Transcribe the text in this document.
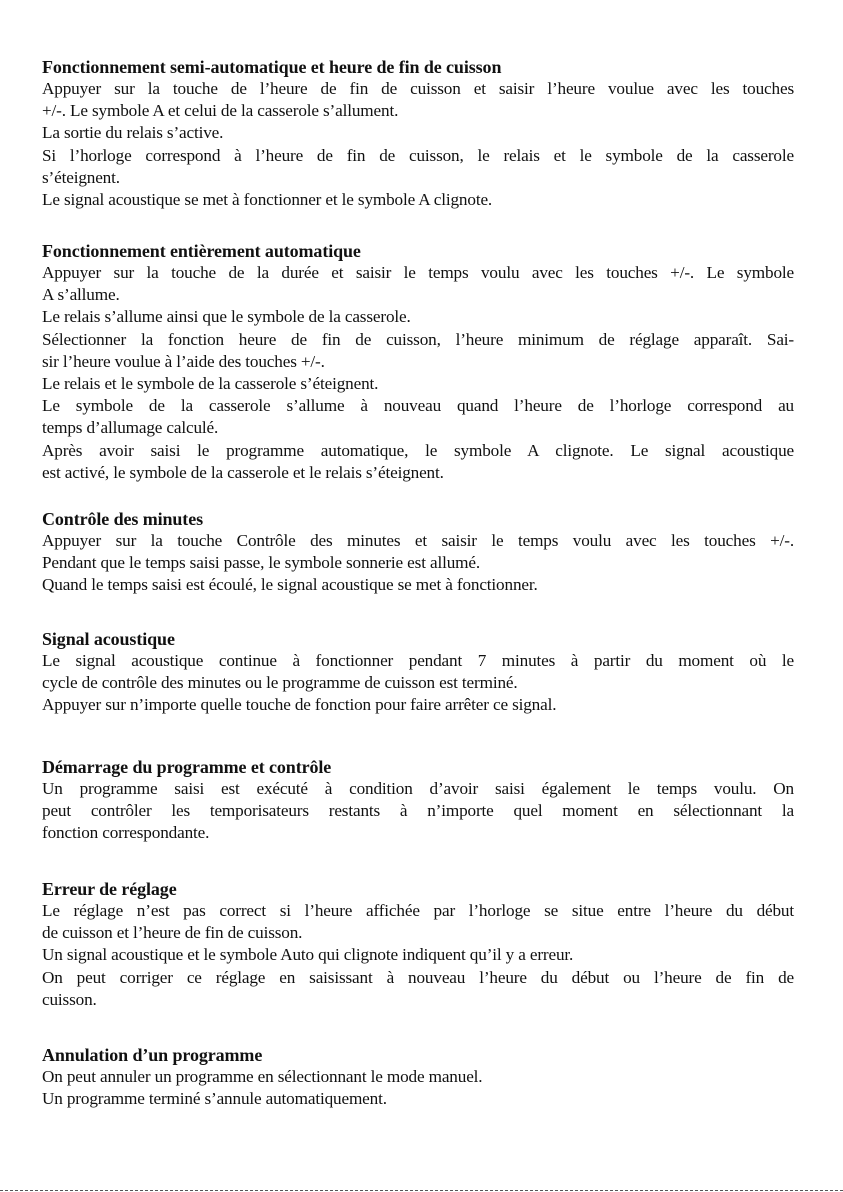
Fonctionnement semi-automatique et heure de fin de cuisson

Appuyer sur la touche de l’heure de fin de cuisson et saisir l’heure voulue avec les touches

+/-. Le symbole A et celui de la casserole s’allument.

La sortie du relais s’active.

Si l’horloge correspond à l’heure de fin de cuisson, le relais et le symbole de la casserole

s’éteignent.

Le signal acoustique se met à fonctionner et le symbole A clignote.

Fonctionnement entièrement automatique

Appuyer sur la touche de la durée et saisir le temps voulu avec les touches +/-. Le symbole

A s’allume.

Le relais s’allume ainsi que le symbole de la casserole.

Sélectionner la fonction heure de fin de cuisson, l’heure minimum de réglage apparaît. Sai-

sir l’heure voulue à l’aide des touches +/-.

Le relais et le symbole de la casserole s’éteignent.

Le symbole de la casserole s’allume à nouveau quand l’heure de l’horloge correspond au

temps d’allumage calculé.

Après avoir saisi le programme automatique, le symbole A clignote. Le signal acoustique

est activé, le symbole de la casserole et le relais s’éteignent.

Contrôle des minutes

Appuyer sur la touche Contrôle des minutes et saisir le temps voulu avec les touches +/-.

Pendant que le temps saisi passe, le symbole sonnerie est allumé.

Quand le temps saisi est écoulé, le signal acoustique se met à fonctionner.

Signal acoustique

Le signal acoustique continue à fonctionner pendant 7 minutes à partir du moment où le

cycle de contrôle des minutes ou le programme de cuisson est terminé.

Appuyer sur n’importe quelle touche de fonction pour faire arrêter ce signal.

Démarrage du programme et contrôle

Un programme saisi est exécuté à condition d’avoir saisi également le temps voulu. On

peut contrôler les temporisateurs restants à n’importe quel moment en sélectionnant la

fonction correspondante.

Erreur de réglage

Le réglage n’est pas correct si l’heure affichée par l’horloge se situe entre l’heure du début

de cuisson et l’heure de fin de cuisson.

Un signal acoustique et le symbole Auto qui clignote indiquent qu’il y a erreur.

On peut corriger ce réglage en saisissant à nouveau l’heure du début ou l’heure de fin de

cuisson.

Annulation d’un programme

On peut annuler un programme en sélectionnant le mode manuel.

Un programme terminé s’annule automatiquement.
